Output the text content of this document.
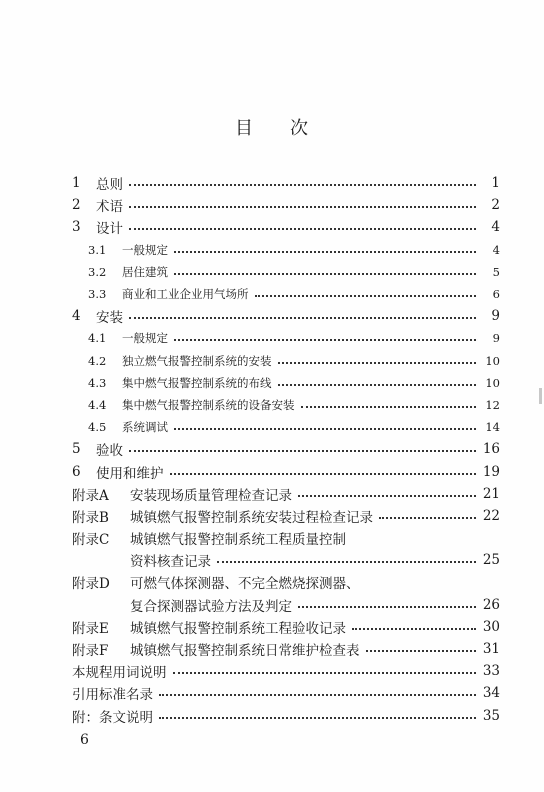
目 次
1	总则	1
2	术语	2
3	设计	4
3.1	一般规定	4
3.2	居住建筑	5
3.3	商业和工业企业用气场所	6
4	安装	9
4.1	一般规定	9
4.2	独立燃气报警控制系统的安装	10
4.3	集中燃气报警控制系统的布线	10
4.4	集中燃气报警控制系统的设备安装	12
4.5	系统调试	14
5	验收	16
6	使用和维护	19
附录A	安装现场质量管理检查记录	21
附录B	城镇燃气报警控制系统安装过程检查记录	22
附录C	城镇燃气报警控制系统工程质量控制
资料核查记录	25
附录D	可燃气体探测器、不完全燃烧探测器、
复合探测器试验方法及判定	26
附录E	城镇燃气报警控制系统工程验收记录	30
附录F	城镇燃气报警控制系统日常维护检查表	31
本规程用词说明	33
引用标准名录	34
附：条文说明	35
6
